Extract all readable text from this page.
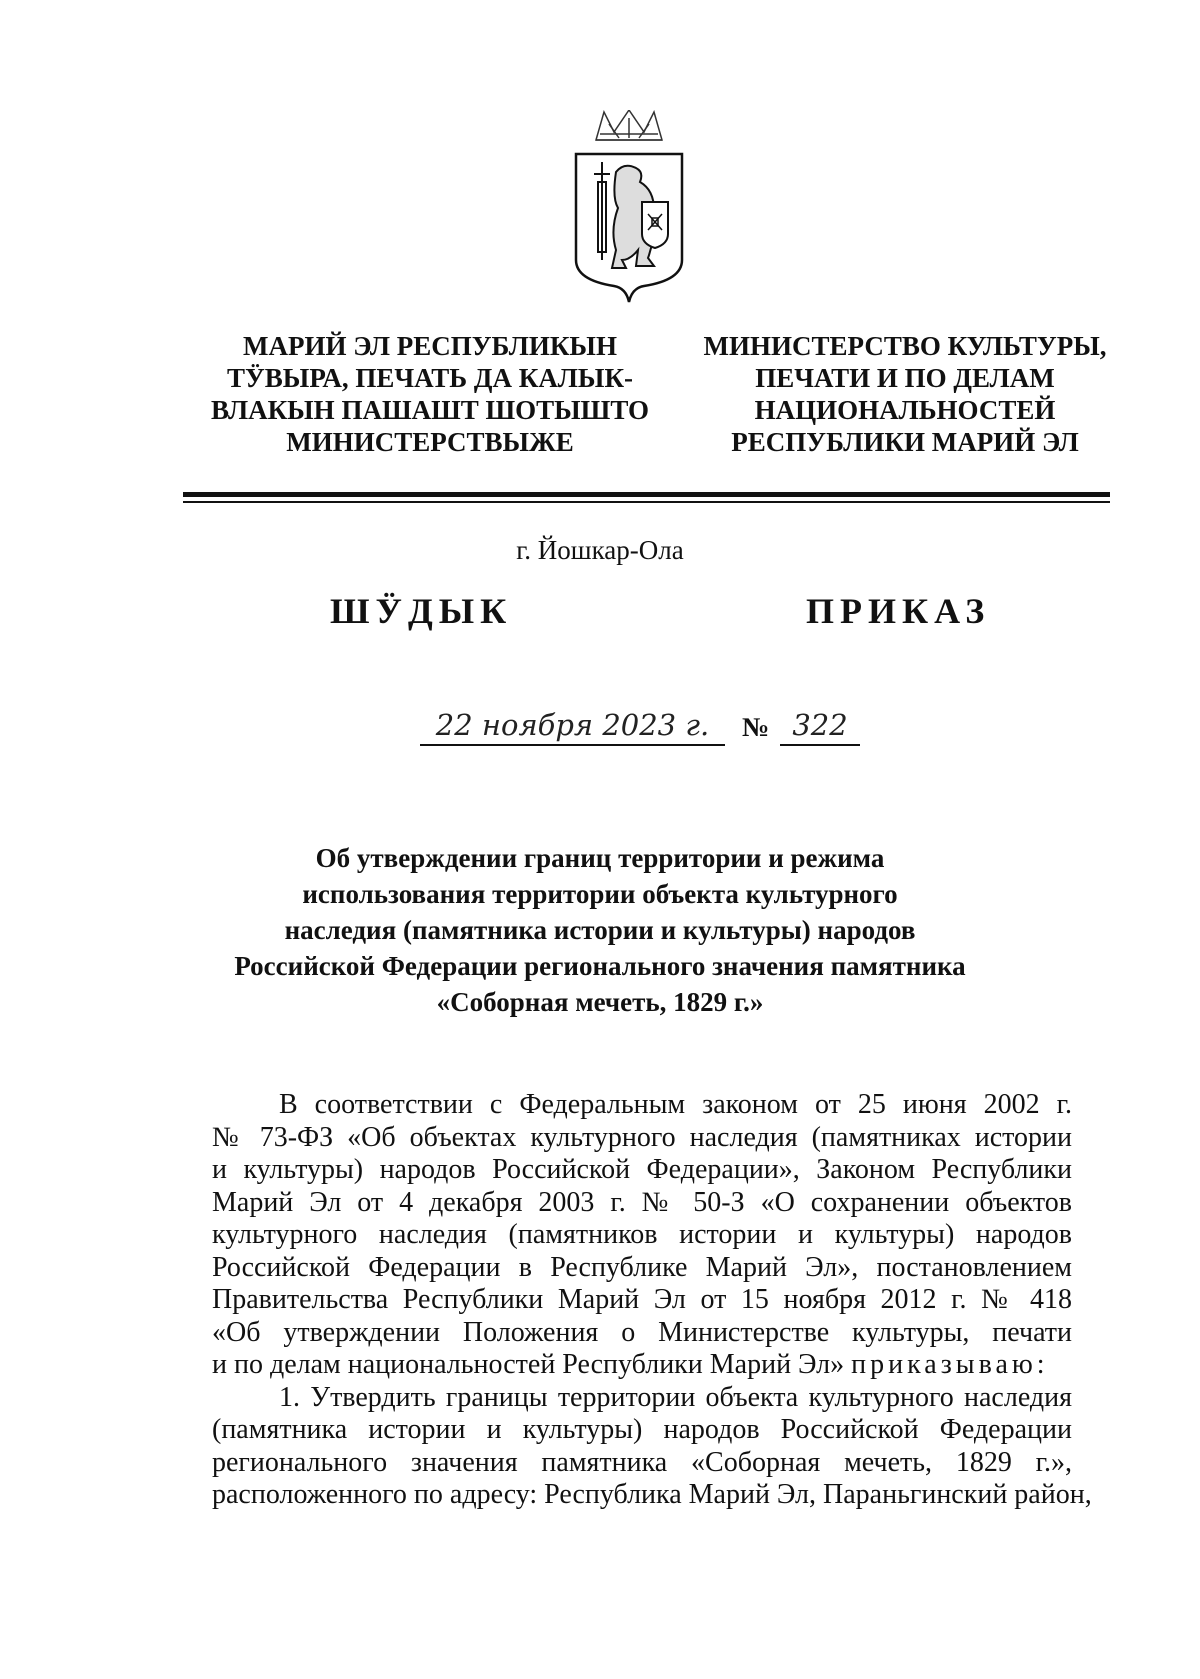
МАРИЙ ЭЛ РЕСПУБЛИКЫН
ТӰВЫРА, ПЕЧАТЬ ДА КАЛЫК-
ВЛАКЫН ПАШАШТ ШОТЫШТО
МИНИСТЕРСТВЫЖЕ
МИНИСТЕРСТВО КУЛЬТУРЫ,
ПЕЧАТИ И ПО ДЕЛАМ
НАЦИОНАЛЬНОСТЕЙ
РЕСПУБЛИКИ МАРИЙ ЭЛ
г. Йошкар-Ола
ШӰДЫК	ПРИКАЗ
22 ноября 2023 г.	№ 322
Об утверждении границ территории и режима
использования территории объекта культурного
наследия (памятника истории и культуры) народов
Российской Федерации регионального значения памятника
«Соборная мечеть, 1829 г.»
В соответствии с Федеральным законом от 25 июня 2002 г.
№ 73-ФЗ «Об объектах культурного наследия (памятниках истории
и культуры) народов Российской Федерации», Законом Республики
Марий Эл от 4 декабря 2003 г. № 50-З «О сохранении объектов
культурного наследия (памятников истории и культуры) народов
Российской Федерации в Республике Марий Эл», постановлением
Правительства Республики Марий Эл от 15 ноября 2012 г. № 418
«Об утверждении Положения о Министерстве культуры, печати
и по делам национальностей Республики Марий Эл» приказываю:
1. Утвердить границы территории объекта культурного наследия
(памятника истории и культуры) народов Российской Федерации
регионального значения памятника «Соборная мечеть, 1829 г.»,
расположенного по адресу: Республика Марий Эл, Параньгинский район,
